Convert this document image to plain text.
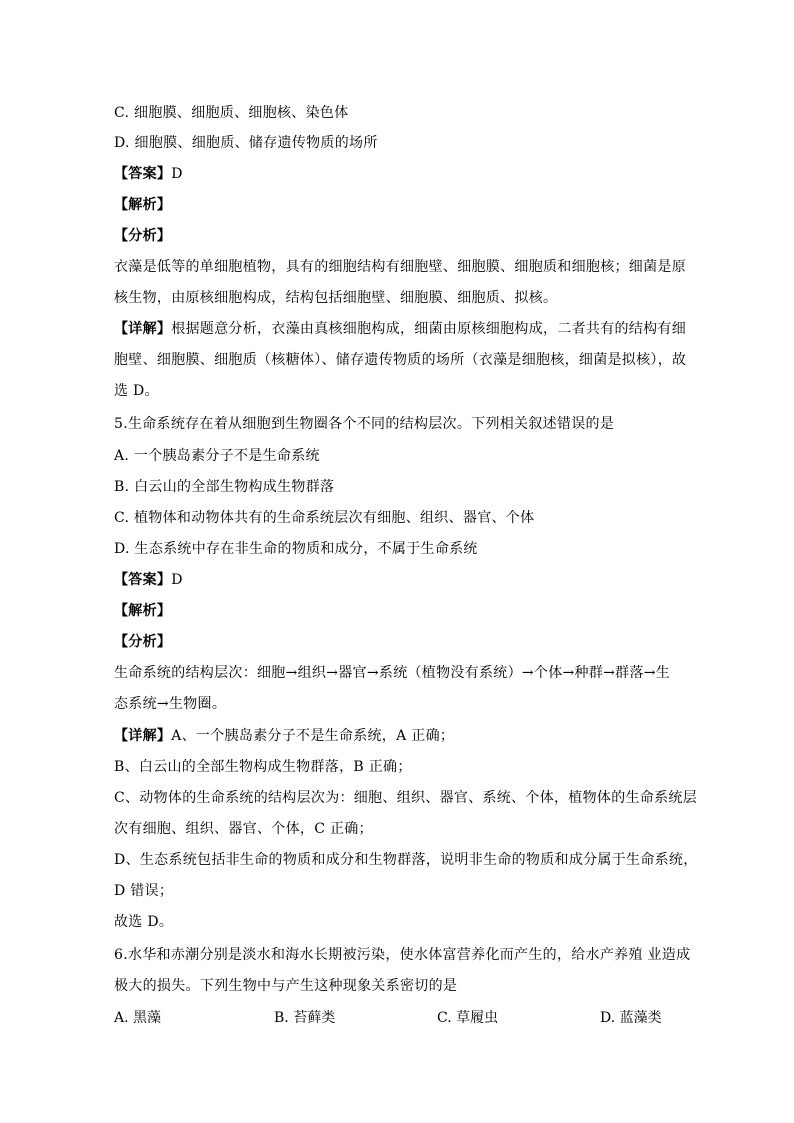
C. 细胞膜、细胞质、细胞核、染色体
D. 细胞膜、细胞质、储存遗传物质的场所
【答案】D
【解析】
【分析】
衣藻是低等的单细胞植物，具有的细胞结构有细胞壁、细胞膜、细胞质和细胞核；细菌是原
核生物，由原核细胞构成，结构包括细胞壁、细胞膜、细胞质、拟核。
【详解】根据题意分析，衣藻由真核细胞构成，细菌由原核细胞构成，二者共有的结构有细
胞壁、细胞膜、细胞质（核糖体）、储存遗传物质的场所（衣藻是细胞核，细菌是拟核），故
选 D。
5.生命系统存在着从细胞到生物圈各个不同的结构层次。下列相关叙述错误的是
A. 一个胰岛素分子不是生命系统
B. 白云山的全部生物构成生物群落
C. 植物体和动物体共有的生命系统层次有细胞、组织、器官、个体
D. 生态系统中存在非生命的物质和成分，不属于生命系统
【答案】D
【解析】
【分析】
生命系统的结构层次：细胞→组织→器官→系统（植物没有系统）→个体→种群→群落→生
态系统→生物圈。
【详解】A、一个胰岛素分子不是生命系统，A 正确；
B、白云山的全部生物构成生物群落，B 正确；
C、动物体的生命系统的结构层次为：细胞、组织、器官、系统、个体，植物体的生命系统层
次有细胞、组织、器官、个体，C 正确；
D、生态系统包括非生命的物质和成分和生物群落，说明非生命的物质和成分属于生命系统，
D 错误；
故选 D。
6.水华和赤潮分别是淡水和海水长期被污染，使水体富营养化而产生的，给水产养殖 业造成
极大的损失。下列生物中与产生这种现象关系密切的是
A. 黑藻	B. 苔藓类	C. 草履虫	D. 蓝藻类
